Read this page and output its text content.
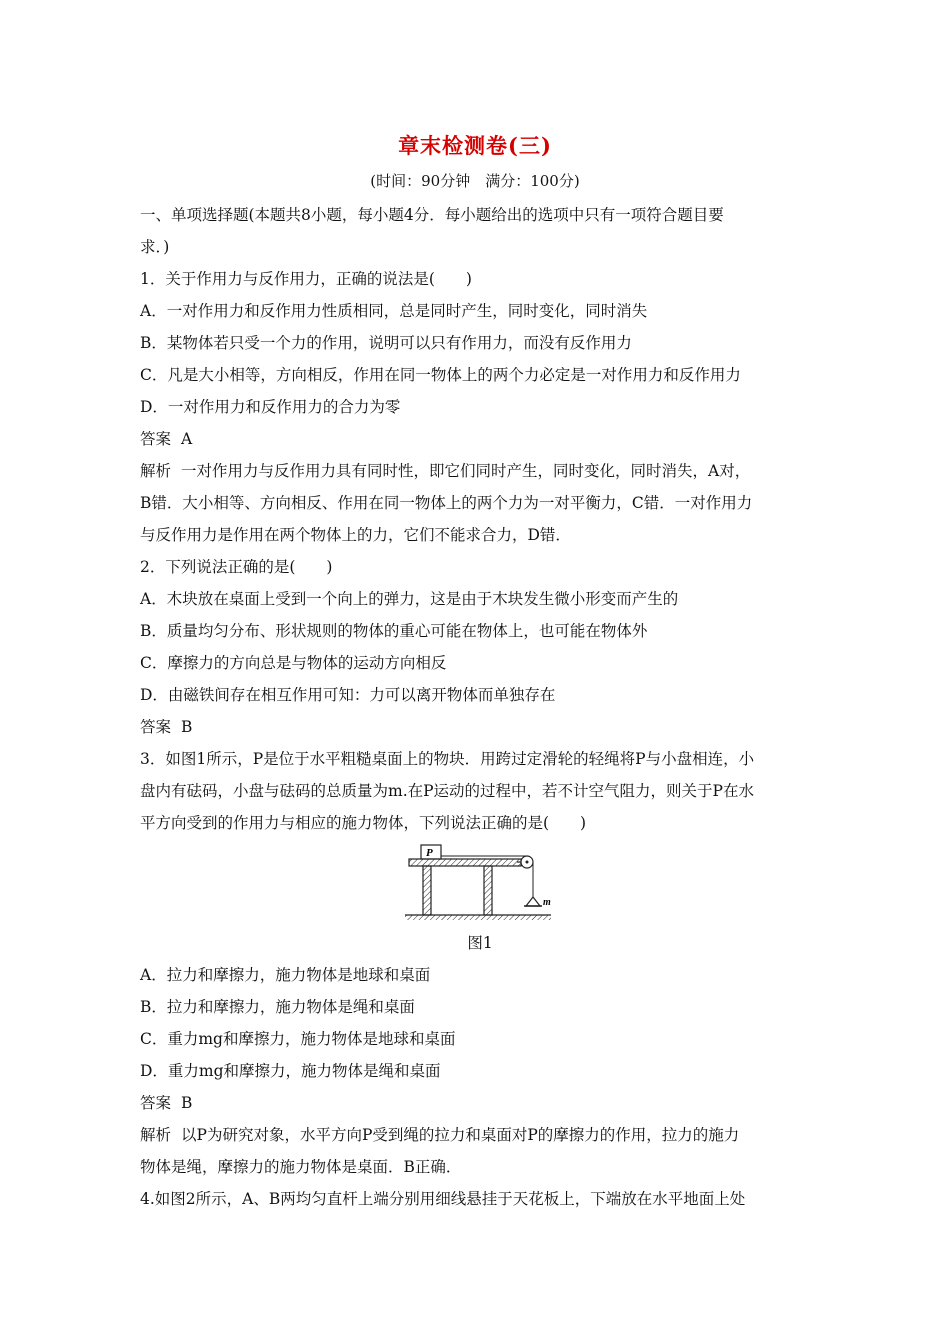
章末检测卷(三)
(时间：90分钟　满分：100分)

一、单项选择题(本题共8小题，每小题4分．每小题给出的选项中只有一项符合题目要

求．)

1．关于作用力与反作用力，正确的说法是(　　)

A．一对作用力和反作用力性质相同，总是同时产生，同时变化，同时消失

B．某物体若只受一个力的作用，说明可以只有作用力，而没有反作用力

C．凡是大小相等，方向相反，作用在同一物体上的两个力必定是一对作用力和反作用力

D．一对作用力和反作用力的合力为零

答案 A

解析 一对作用力与反作用力具有同时性，即它们同时产生，同时变化，同时消失，A对，

B错．大小相等、方向相反、作用在同一物体上的两个力为一对平衡力，C错．一对作用力

与反作用力是作用在两个物体上的力，它们不能求合力，D错．

2．下列说法正确的是(　　)

A．木块放在桌面上受到一个向上的弹力，这是由于木块发生微小形变而产生的

B．质量均匀分布、形状规则的物体的重心可能在物体上，也可能在物体外

C．摩擦力的方向总是与物体的运动方向相反

D．由磁铁间存在相互作用可知：力可以离开物体而单独存在

答案 B

3．如图1所示，P是位于水平粗糙桌面上的物块．用跨过定滑轮的轻绳将P与小盘相连，小

盘内有砝码，小盘与砝码的总质量为m.在P运动的过程中，若不计空气阻力，则关于P在水

平方向受到的作用力与相应的施力物体，下列说法正确的是(　　)

P
m

图1

A．拉力和摩擦力，施力物体是地球和桌面

B．拉力和摩擦力，施力物体是绳和桌面

C．重力mg和摩擦力，施力物体是地球和桌面

D．重力mg和摩擦力，施力物体是绳和桌面

答案 B

解析 以P为研究对象，水平方向P受到绳的拉力和桌面对P的摩擦力的作用，拉力的施力

物体是绳，摩擦力的施力物体是桌面．B正确．

4.如图2所示，A、B两均匀直杆上端分别用细线悬挂于天花板上，下端放在水平地面上处
